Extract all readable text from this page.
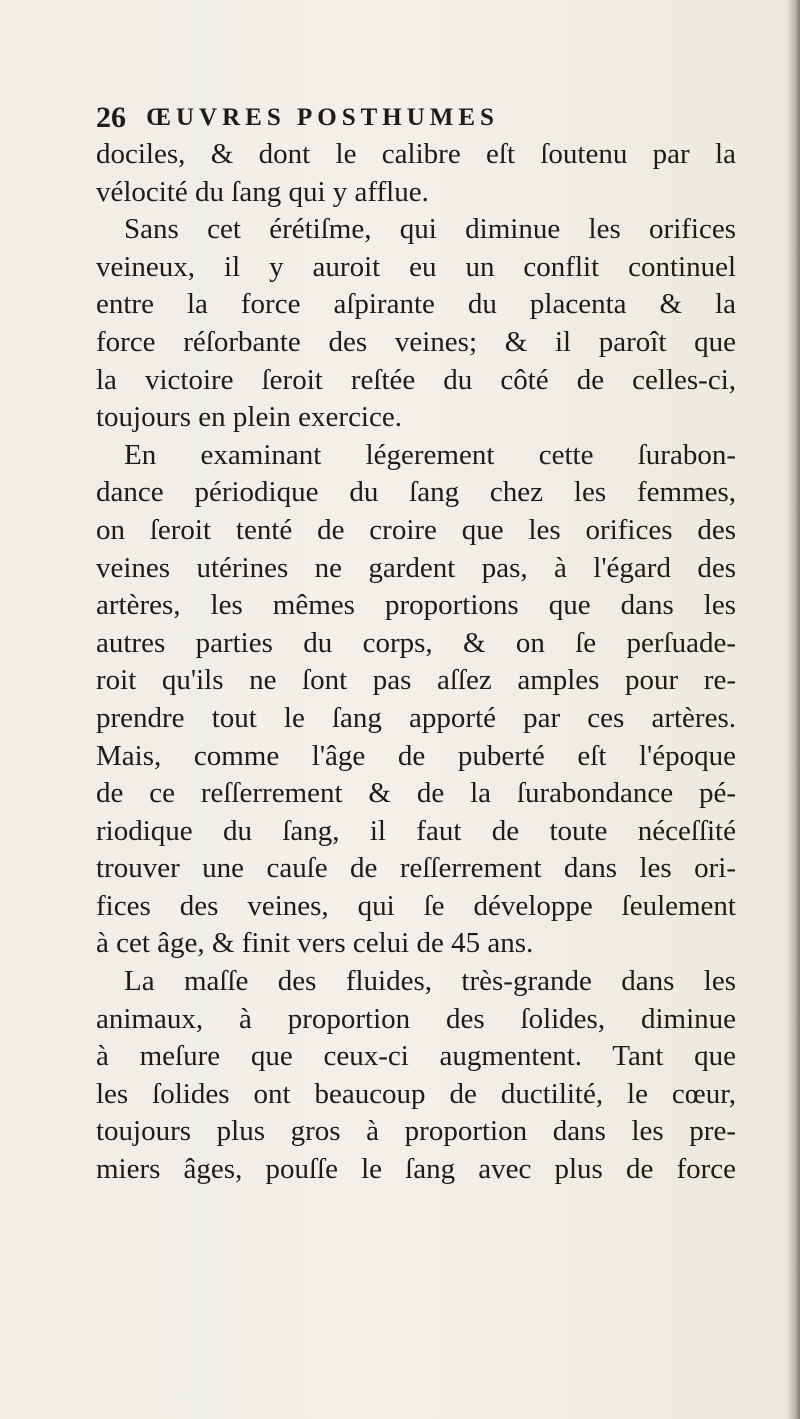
26 ŒUVRES POSTHUMES
dociles, & dont le calibre eſt ſoutenu par la
vélocité du ſang qui y afflue.
Sans cet érétiſme, qui diminue les orifices
veineux, il y auroit eu un conflit continuel
entre la force aſpirante du placenta & la
force réſorbante des veines; & il paroît que
la victoire ſeroit reſtée du côté de celles-ci,
toujours en plein exercice.
En examinant légerement cette ſurabon-
dance périodique du ſang chez les femmes,
on ſeroit tenté de croire que les orifices des
veines utérines ne gardent pas, à l'égard des
artères, les mêmes proportions que dans les
autres parties du corps, & on ſe perſuade-
roit qu'ils ne ſont pas aſſez amples pour re-
prendre tout le ſang apporté par ces artères.
Mais, comme l'âge de puberté eſt l'époque
de ce reſſerrement & de la ſurabondance pé-
riodique du ſang, il faut de toute néceſſité
trouver une cauſe de reſſerrement dans les ori-
fices des veines, qui ſe développe ſeulement
à cet âge, & finit vers celui de 45 ans.
La maſſe des fluides, très-grande dans les
animaux, à proportion des ſolides, diminue
à meſure que ceux-ci augmentent. Tant que
les ſolides ont beaucoup de ductilité, le cœur,
toujours plus gros à proportion dans les pre-
miers âges, pouſſe le ſang avec plus de force
